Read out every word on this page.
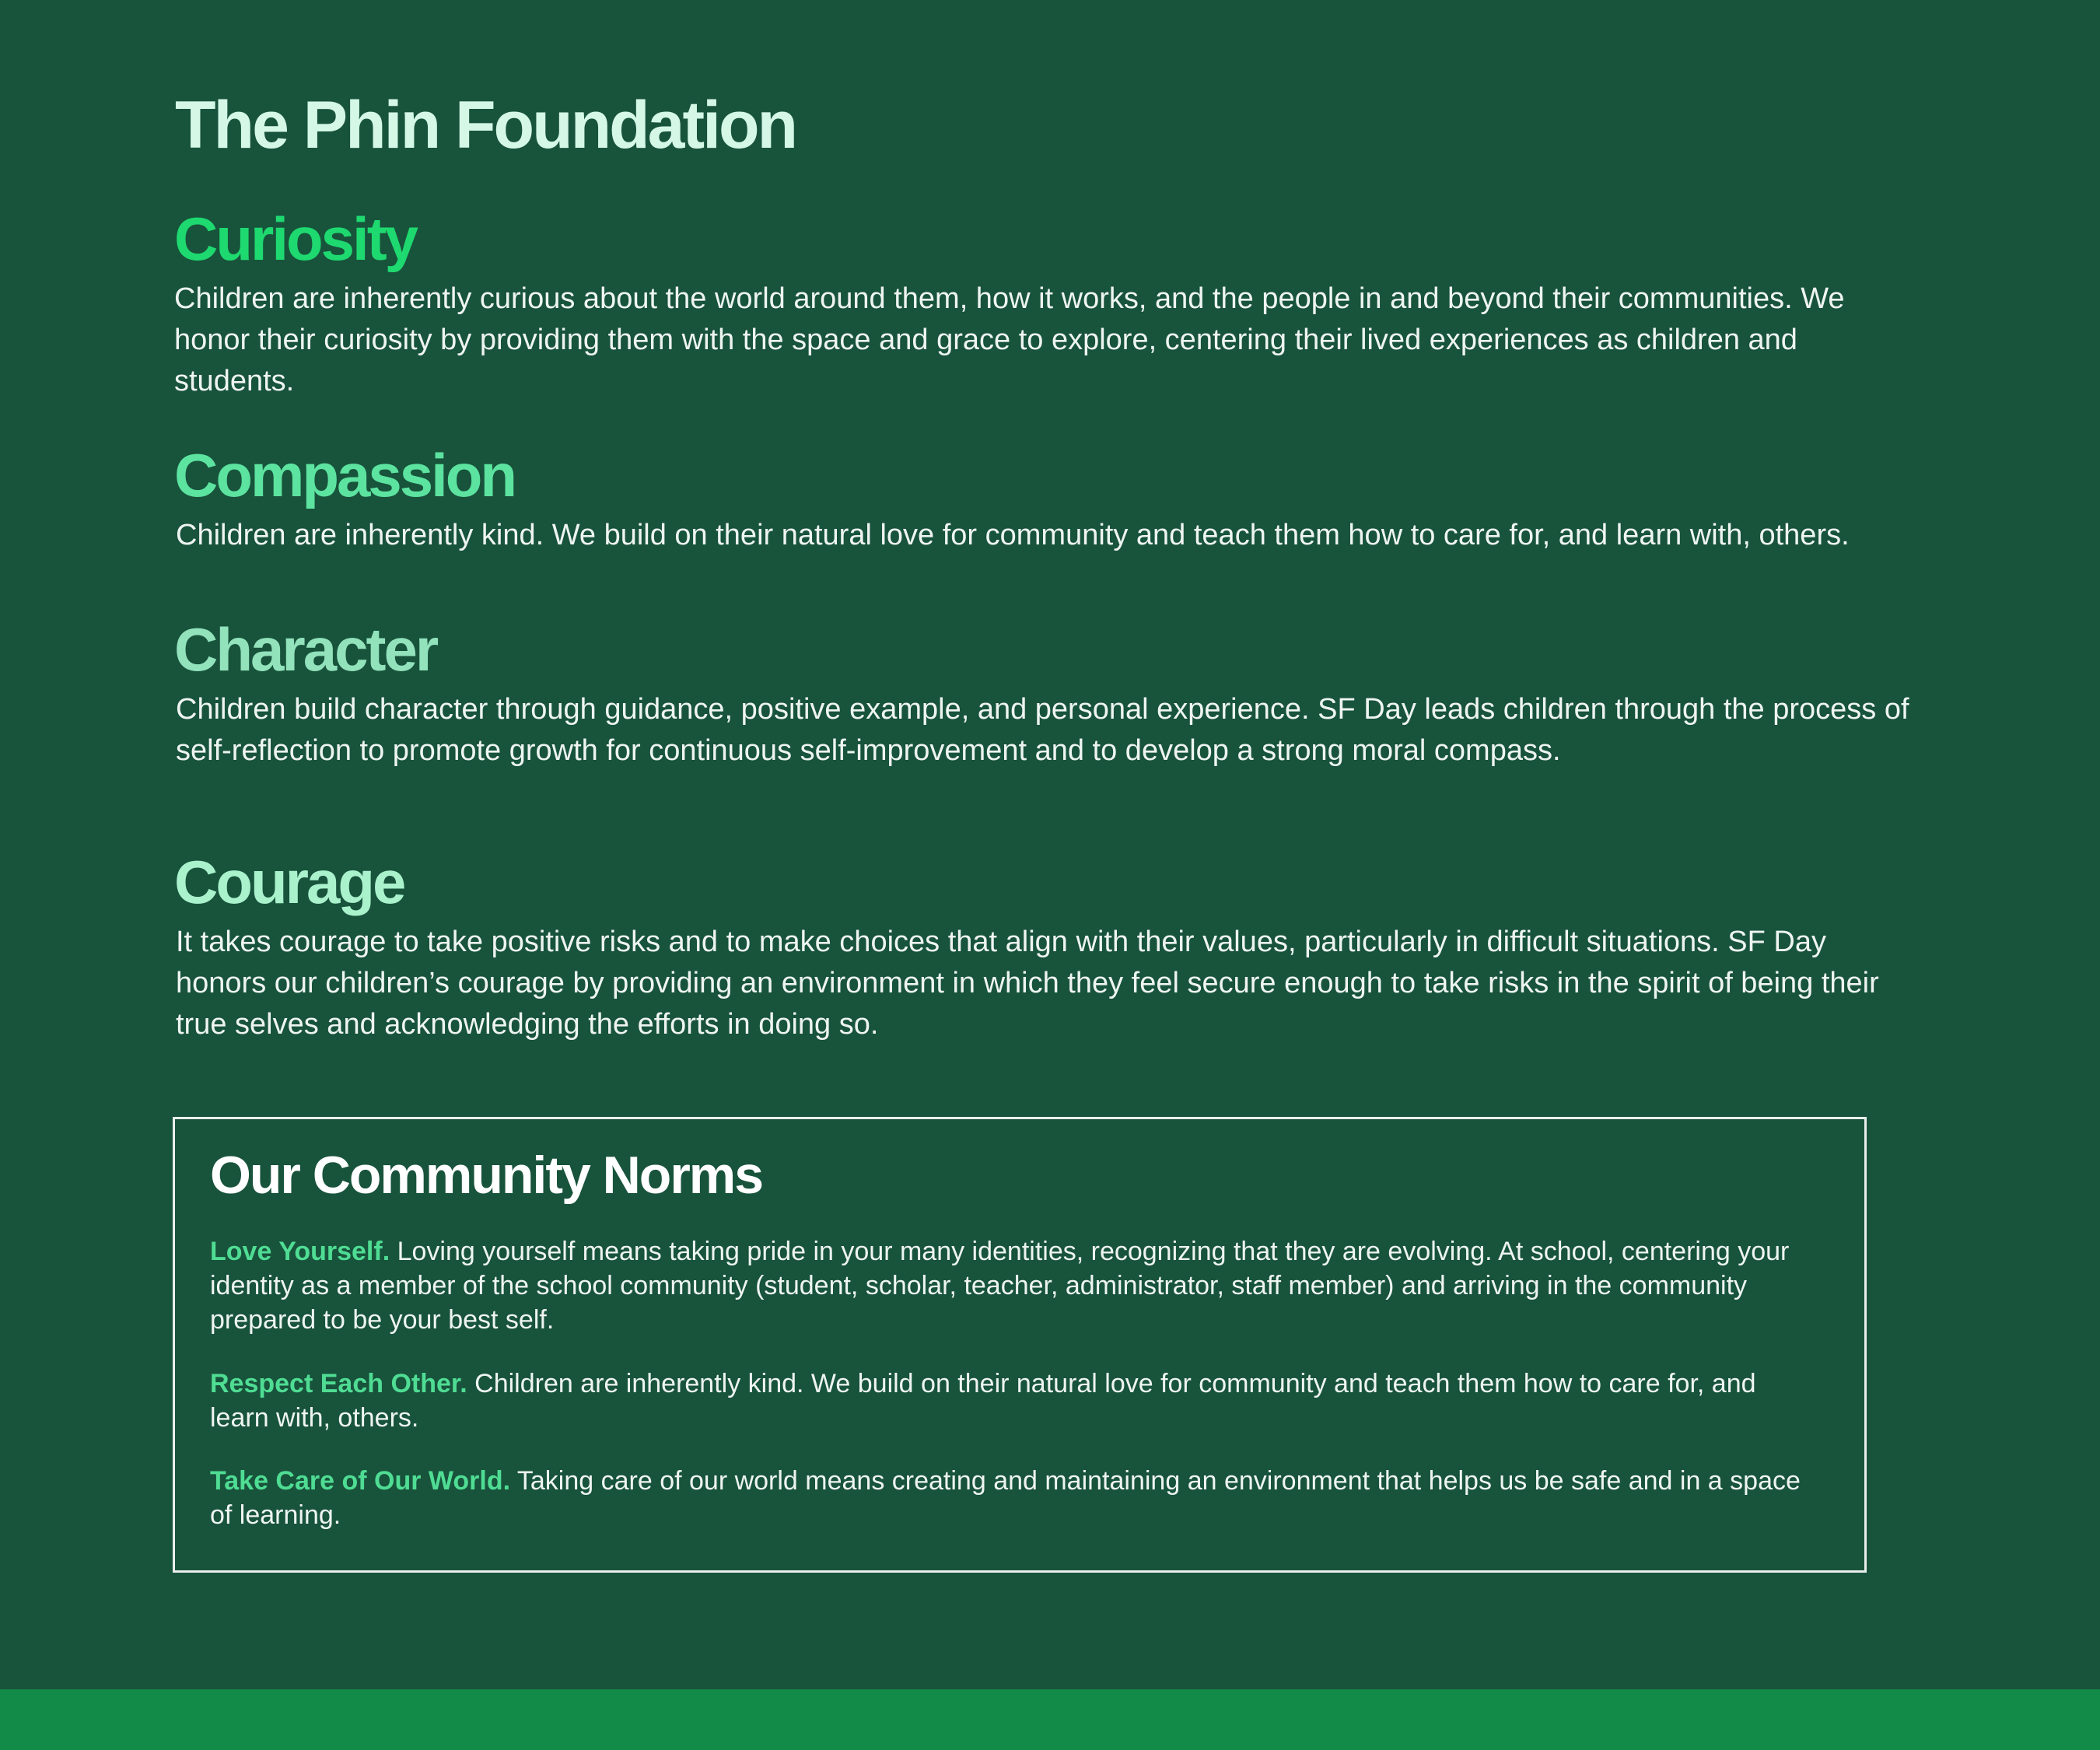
The Phin Foundation
Curiosity

Children are inherently curious about the world around them, how it works, and the people in and beyond their communities. We honor their curiosity by providing them with the space and grace to explore, centering their lived experiences as children and students.

Compassion

Children are inherently kind. We build on their natural love for community and teach them how to care for, and learn with, others.

Character

Children build character through guidance, positive example, and personal experience. SF Day leads children through the process of self-reflection to promote growth for continuous self-improvement and to develop a strong moral compass.

Courage

It takes courage to take positive risks and to make choices that align with their values, particularly in difficult situations. SF Day honors our children’s courage by providing an environment in which they feel secure enough to take risks in the spirit of being their true selves and acknowledging the efforts in doing so.

Our Community Norms

Love Yourself. Loving yourself means taking pride in your many identities, recognizing that they are evolving. At school, centering your identity as a member of the school community (student, scholar, teacher, administrator, staff member) and arriving in the community prepared to be your best self.

Respect Each Other. Children are inherently kind. We build on their natural love for community and teach them how to care for, and learn with, others.

Take Care of Our World. Taking care of our world means creating and maintaining an environment that helps us be safe and in a space of learning.
